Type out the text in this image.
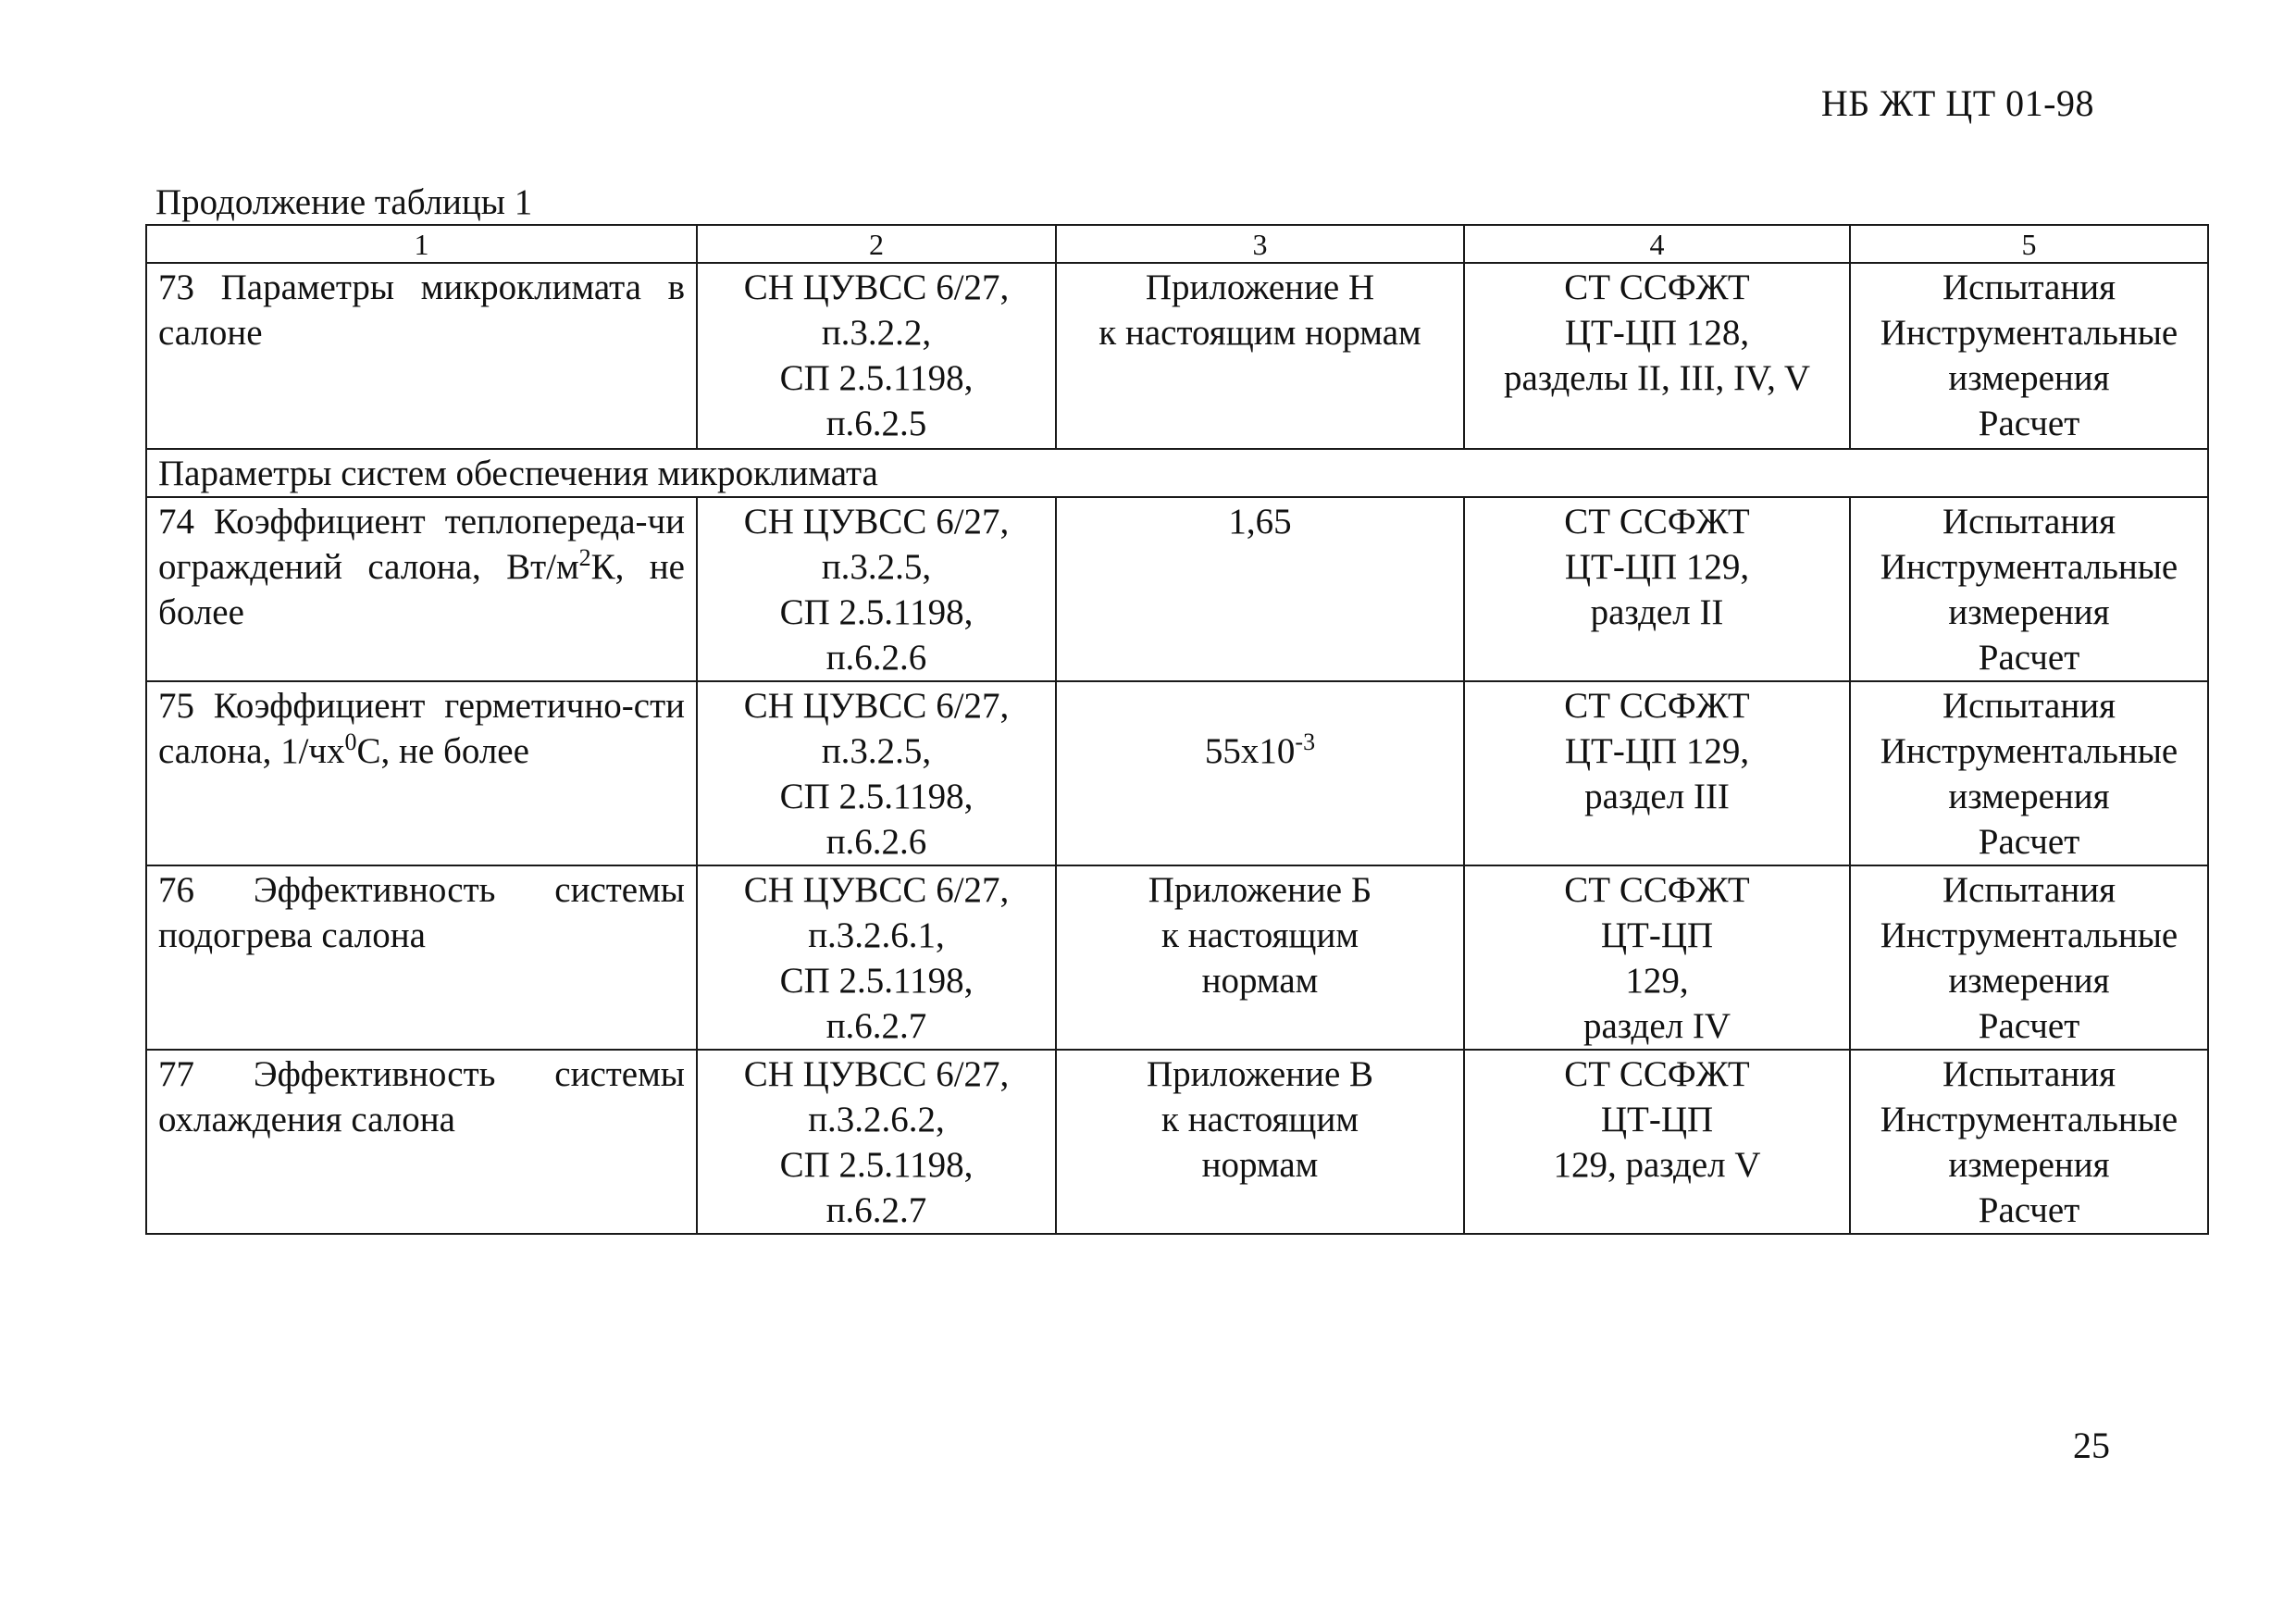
НБ ЖТ ЦТ 01-98
Продолжение таблицы 1
1	2	3	4	5
73 Параметры микроклимата в салоне	СН ЦУВСС 6/27,
п.3.2.2,
СП 2.5.1198,
п.6.2.5	Приложение Н
к настоящим нормам	СТ ССФЖТ
ЦТ-ЦП 128,
разделы II, III, IV, V	Испытания
Инструментальные
измерения
Расчет

Параметры систем обеспечения микроклимата				
74 Коэффициент теплопереда-чи ограждений салона, $Вт/м^2К$, не более	СН ЦУВСС 6/27,
п.3.2.5,
СП 2.5.1198,
п.6.2.6	1,65	СТ ССФЖТ
ЦТ-ЦП 129,
раздел II	Испытания
Инструментальные
измерения
Расчет

75 Коэффициент герметично-сти салона, $1/чх^0С$, не более	СН ЦУВСС 6/27,
п.3.2.5,
СП 2.5.1198,
п.6.2.6	$55х10^{-3}$	СТ ССФЖТ
ЦТ-ЦП 129,
раздел III	Испытания
Инструментальные
измерения
Расчет

76 Эффективность системы подогрева салона	СН ЦУВСС 6/27,
п.3.2.6.1,
СП 2.5.1198,
п.6.2.7	Приложение Б
к настоящим
нормам	СТ ССФЖТ
ЦТ-ЦП
129,
раздел IV	Испытания
Инструментальные
измерения
Расчет

77 Эффективность системы охлаждения салона	СН ЦУВСС 6/27,
п.3.2.6.2,
СП 2.5.1198,
п.6.2.7	Приложение В
к настоящим
нормам	СТ ССФЖТ
ЦТ-ЦП
129, раздел V	Испытания
Инструментальные
измерения
Расчет
25
